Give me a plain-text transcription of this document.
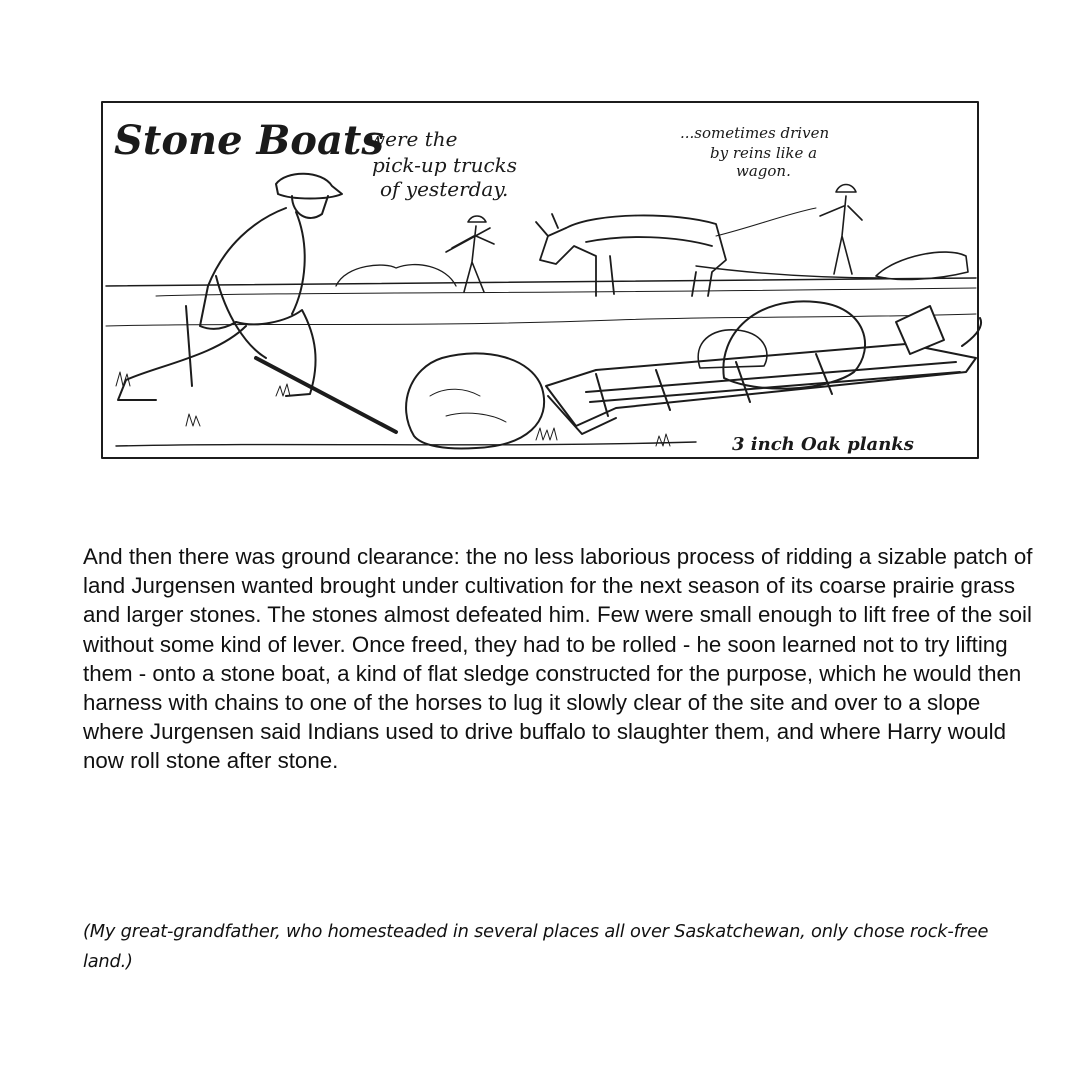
Stone Boats
were the
pick-up trucks
of yesterday.
...sometimes driven
by reins like a
wagon.
3 inch Oak planks

And then there was ground clearance: the no less laborious process of ridding a sizable patch of land Jurgensen wanted brought under cultivation for the next season of its coarse prairie grass and larger stones. The stones almost defeated him. Few were small enough to lift free of the soil without some kind of lever. Once freed, they had to be rolled - he soon learned not to try lifting them - onto a stone boat, a kind of flat sledge constructed for the purpose, which he would then harness with chains to one of the horses to lug it slowly clear of the site and over to a slope where Jurgensen said Indians used to drive buffalo to slaughter them, and where Harry would now roll stone after stone.

(My great-grandfather, who homesteaded in several places all over Saskatchewan, only chose rock-free land.)
